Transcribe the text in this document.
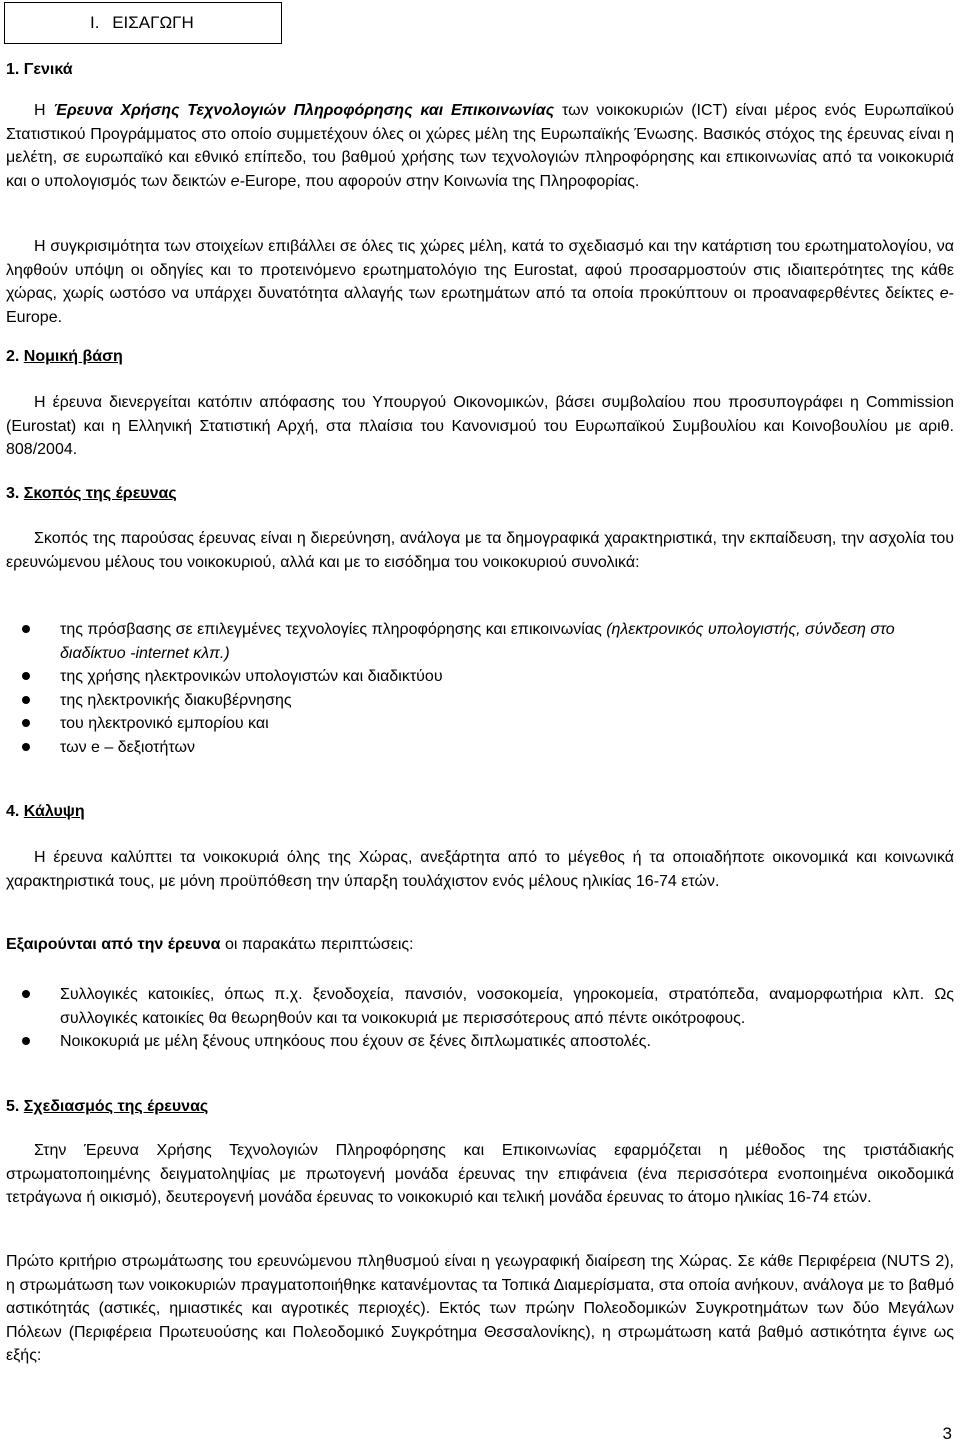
I. ΕΙΣΑΓΩΓΗ
1. Γενικά
Η Έρευνα Χρήσης Τεχνολογιών Πληροφόρησης και Επικοινωνίας των νοικοκυριών (ICT) είναι μέρος ενός Ευρωπαϊκού Στατιστικού Προγράμματος στο οποίο συμμετέχουν όλες οι χώρες μέλη της Ευρωπαϊκής Ένωσης. Βασικός στόχος της έρευνας είναι η μελέτη, σε ευρωπαϊκό και εθνικό επίπεδο, του βαθμού χρήσης των τεχνολογιών πληροφόρησης και επικοινωνίας από τα νοικοκυριά και ο υπολογισμός των δεικτών e-Europe, που αφορούν στην Κοινωνία της Πληροφορίας.
Η συγκρισιμότητα των στοιχείων επιβάλλει σε όλες τις χώρες μέλη, κατά το σχεδιασμό και την κατάρτιση του ερωτηματολογίου, να ληφθούν υπόψη οι οδηγίες και το προτεινόμενο ερωτηματολόγιο της Eurostat, αφού προσαρμοστούν στις ιδιαιτερότητες της κάθε χώρας, χωρίς ωστόσο να υπάρχει δυνατότητα αλλαγής των ερωτημάτων από τα οποία προκύπτουν οι προαναφερθέντες δείκτες e-Europe.
2. Νομική βάση
Η έρευνα διενεργείται κατόπιν απόφασης του Υπουργού Οικονομικών, βάσει συμβολαίου που προσυπογράφει η Commission (Eurostat) και η Ελληνική Στατιστική Αρχή, στα πλαίσια του Κανονισμού του Ευρωπαϊκού Συμβουλίου και Κοινοβουλίου με αριθ. 808/2004.
3. Σκοπός της έρευνας
Σκοπός της παρούσας έρευνας είναι η διερεύνηση, ανάλογα με τα δημογραφικά χαρακτηριστικά, την εκπαίδευση, την ασχολία του ερευνώμενου μέλους του νοικοκυριού, αλλά και με το εισόδημα του νοικοκυριού συνολικά:
της πρόσβασης σε επιλεγμένες τεχνολογίες πληροφόρησης και επικοινωνίας (ηλεκτρονικός υπολογιστής, σύνδεση στο διαδίκτυο -internet κλπ.)
της χρήσης ηλεκτρονικών υπολογιστών και διαδικτύου
της ηλεκτρονικής διακυβέρνησης
του ηλεκτρονικό εμπορίου και
των e – δεξιοτήτων
4. Κάλυψη
Η έρευνα καλύπτει τα νοικοκυριά όλης της Χώρας, ανεξάρτητα από το μέγεθος ή τα οποιαδήποτε οικονομικά και κοινωνικά χαρακτηριστικά τους, με μόνη προϋπόθεση την ύπαρξη τουλάχιστον ενός μέλους ηλικίας 16-74 ετών.
Εξαιρούνται από την έρευνα οι παρακάτω περιπτώσεις:
Συλλογικές κατοικίες, όπως π.χ. ξενοδοχεία, πανσιόν, νοσοκομεία, γηροκομεία, στρατόπεδα, αναμορφωτήρια κλπ. Ως συλλογικές κατοικίες θα θεωρηθούν και τα νοικοκυριά με περισσότερους από πέντε οικότροφους.
Νοικοκυριά με μέλη ξένους υπηκόους που έχουν σε ξένες διπλωματικές αποστολές.
5. Σχεδιασμός της έρευνας
Στην Έρευνα Χρήσης Τεχνολογιών Πληροφόρησης και Επικοινωνίας εφαρμόζεται η μέθοδος της τριστάδιακής στρωματοποιημένης δειγματοληψίας με πρωτογενή μονάδα έρευνας την επιφάνεια (ένα περισσότερα ενοποιημένα οικοδομικά τετράγωνα ή οικισμό), δευτερογενή μονάδα έρευνας το νοικοκυριό και τελική μονάδα έρευνας το άτομο ηλικίας 16-74 ετών.
Πρώτο κριτήριο στρωμάτωσης του ερευνώμενου πληθυσμού είναι η γεωγραφική διαίρεση της Χώρας. Σε κάθε Περιφέρεια (NUTS 2), η στρωμάτωση των νοικοκυριών πραγματοποιήθηκε κατανέμοντας τα Τοπικά Διαμερίσματα, στα οποία ανήκουν, ανάλογα με το βαθμό αστικότητάς (αστικές, ημιαστικές και αγροτικές περιοχές). Εκτός των πρώην Πολεοδομικών Συγκροτημάτων των δύο Μεγάλων Πόλεων (Περιφέρεια Πρωτευούσης και Πολεοδομικό Συγκρότημα Θεσσαλονίκης), η στρωμάτωση κατά βαθμό αστικότητα έγινε ως εξής:
3
